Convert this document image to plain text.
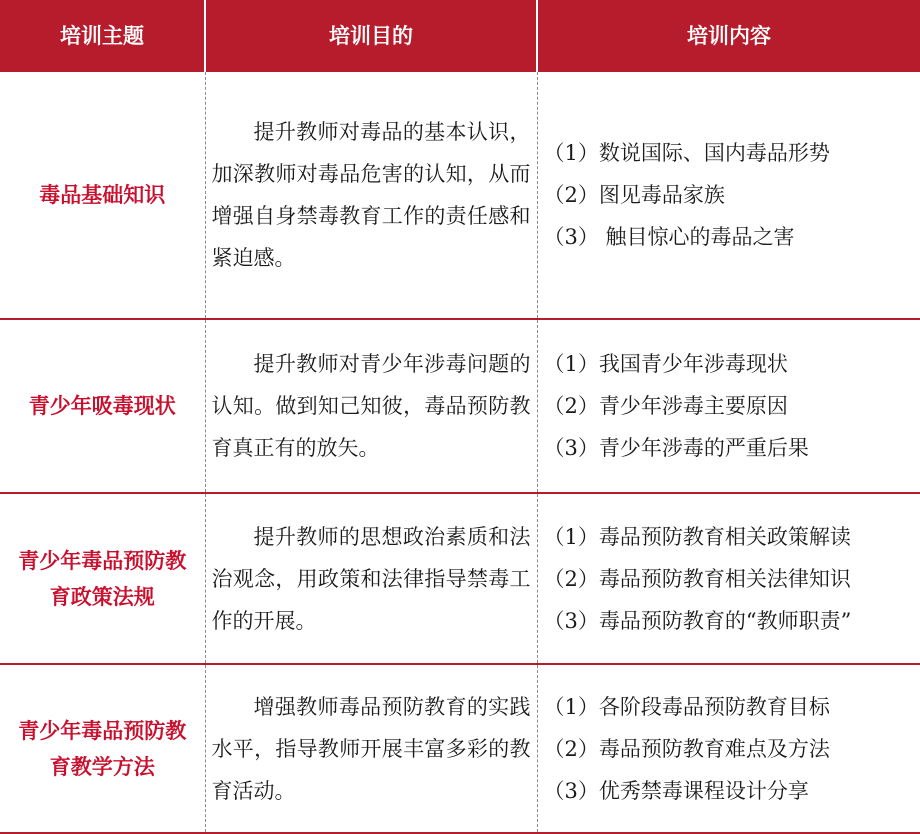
培训主题	培训目的	培训内容
毒品基础知识	提升教师对毒品的基本认识，加深教师对毒品危害的认知，从而增强自身禁毒教育工作的责任感和紧迫感。	（1）数说国际、国内毒品形势
（2）图见毒品家族
（3） 触目惊心的毒品之害

青少年吸毒现状	提升教师对青少年涉毒问题的认知。做到知己知彼，毒品预防教育真正有的放矢。	（1）我国青少年涉毒现状
（2）青少年涉毒主要原因
（3）青少年涉毒的严重后果

青少年毒品预防教育政策法规	提升教师的思想政治素质和法治观念，用政策和法律指导禁毒工作的开展。	（1）毒品预防教育相关政策解读
（2）毒品预防教育相关法律知识
（3）毒品预防教育的“教师职责”

青少年毒品预防教育教学方法	增强教师毒品预防教育的实践水平，指导教师开展丰富多彩的教育活动。	（1）各阶段毒品预防教育目标
（2）毒品预防教育难点及方法
（3）优秀禁毒课程设计分享
